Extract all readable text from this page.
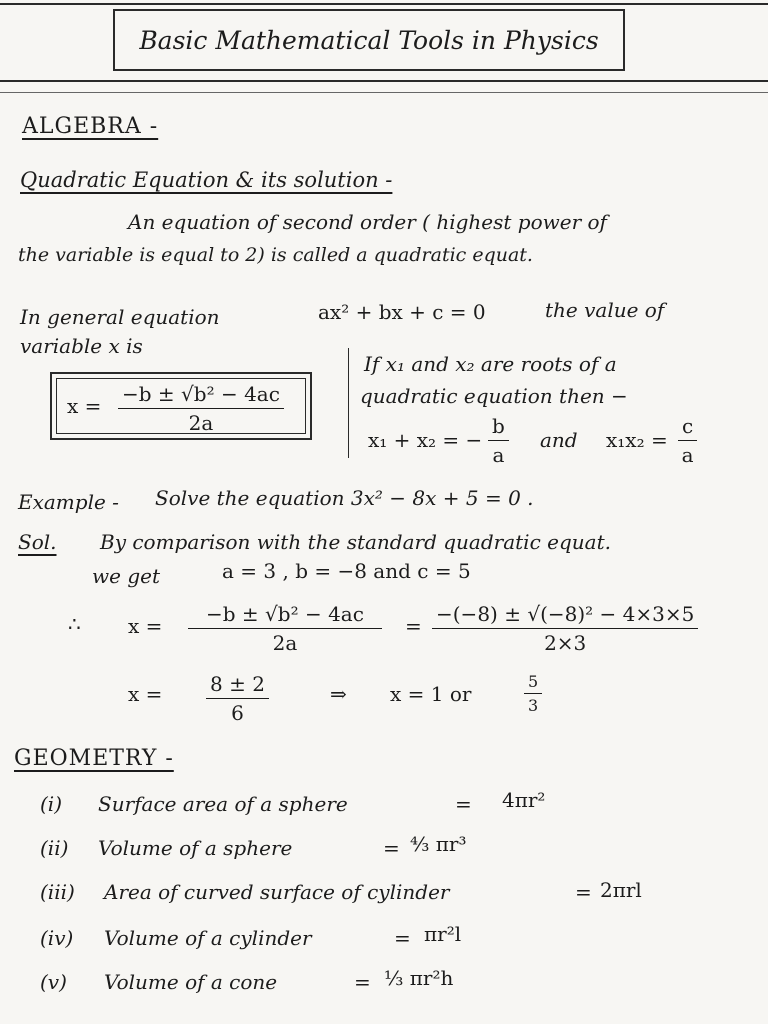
Basic Mathematical Tools in Physics
ALGEBRA -
Quadratic Equation & its solution -
An equation of second order ( highest power of
the variable is equal to 2) is called a quadratic equat.
In general equation	ax² + bx + c = 0	the value of
variable x is
$x = \frac{\text{−b ± √b² − 4ac}}{2a}$
If x₁ and x₂ are roots of a
quadratic equation then −
x₁ + x₂ = − $\frac{b}{a}$ and $x_1x_2 = \frac{c}{a}$
Example - Solve the equation 3x² − 8x + 5 = 0 .
Sol. By comparison with the standard quadratic equat.
we get	a = 3 , b = −8 and c = 5
∴ $x = \frac{\text{−b ± √b² − 4ac}}{2a} = \frac{\text{−(−8) ± √(−8)² − 4×3×5}}{2\times 3}$
$x = \frac{8 \pm 2}{6}$	⇒ x = 1 or	$\frac{5}{3}$
GEOMETRY -
(i) Surface area of a sphere	= 4πr²
(ii) Volume of a sphere	= ⁴⁄₃ πr³
(iii) Area of curved surface of cylinder	= 2πrl
(iv) Volume of a cylinder	= πr²l
(v) Volume of a cone	= ⅓ πr²h
